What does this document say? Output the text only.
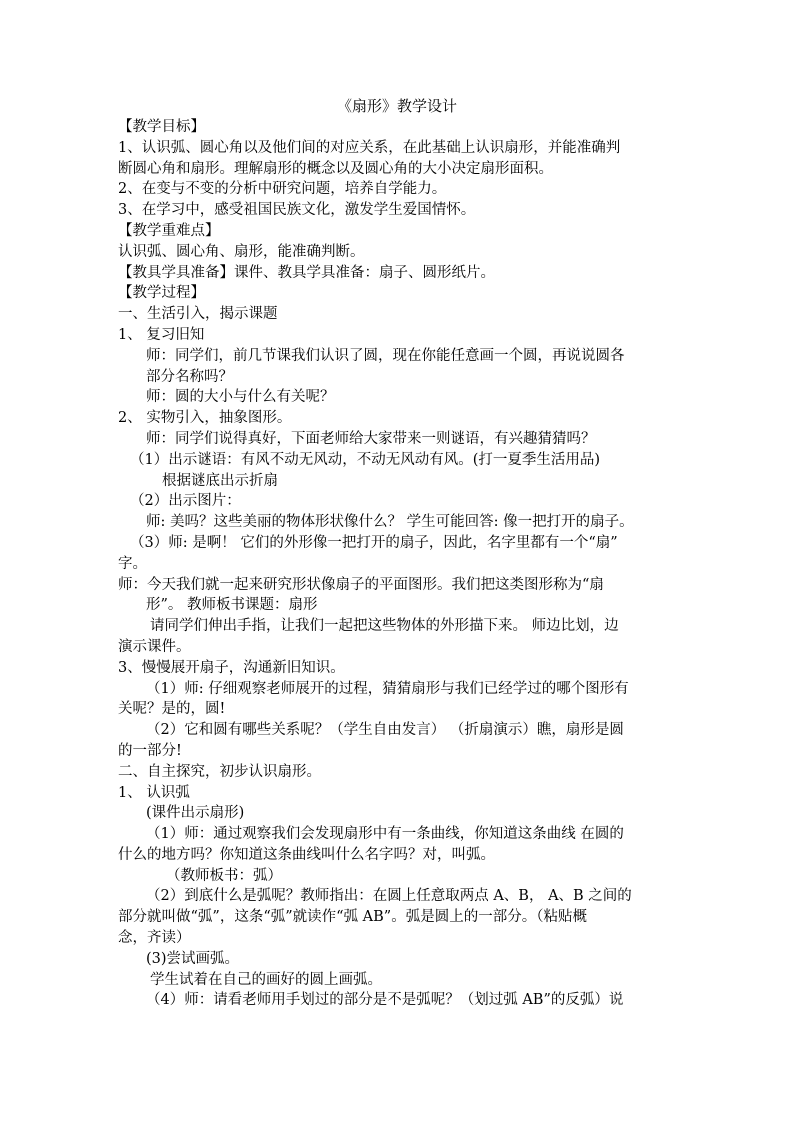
《扇形》教学设计
【教学目标】
1、认识弧、圆心角以及他们间的对应关系，在此基础上认识扇形，并能准确判
断圆心角和扇形。理解扇形的概念以及圆心角的大小决定扇形面积。
2、在变与不变的分析中研究问题，培养自学能力。
3、在学习中，感受祖国民族文化，激发学生爱国情怀。
【教学重难点】
认识弧、圆心角、扇形，能准确判断。
【教具学具准备】课件、教具学具准备：扇子、圆形纸片。
【教学过程】
一、生活引入，揭示课题
1、 复习旧知
师：同学们，前几节课我们认识了圆，现在你能任意画一个圆，再说说圆各
部分名称吗？
师：圆的大小与什么有关呢？
2、 实物引入，抽象图形。
师：同学们说得真好，下面老师给大家带来一则谜语，有兴趣猜猜吗？
（1）出示谜语：有风不动无风动，不动无风动有风。(打一夏季生活用品)
根据谜底出示折扇
（2）出示图片：
师: 美吗？这些美丽的物体形状像什么？ 学生可能回答: 像一把打开的扇子。
（3）师: 是啊！ 它们的外形像一把打开的扇子，因此，名字里都有一个“扇”
字。
师：今天我们就一起来研究形状像扇子的平面图形。我们把这类图形称为“扇
形”。 教师板书课题：扇形
请同学们伸出手指，让我们一起把这些物体的外形描下来。 师边比划，边
演示课件。
3、慢慢展开扇子，沟通新旧知识。
（1）师: 仔细观察老师展开的过程，猜猜扇形与我们已经学过的哪个图形有
关呢？是的，圆!
（2）它和圆有哪些关系呢？（学生自由发言） （折扇演示）瞧，扇形是圆
的一部分!
二、自主探究，初步认识扇形。
1、 认识弧
(课件出示扇形)
（1）师：通过观察我们会发现扇形中有一条曲线，你知道这条曲线 在圆的
什么的地方吗？你知道这条曲线叫什么名字吗？对，叫弧。
（教师板书：弧）
（2）到底什么是弧呢？教师指出：在圆上任意取两点 A、B， A、B 之间的
部分就叫做“弧”，这条“弧”就读作“弧 AB”。弧是圆上的一部分。（粘贴概
念，齐读）
(3)尝试画弧。
学生试着在自己的画好的圆上画弧。
（4）师：请看老师用手划过的部分是不是弧呢？（划过弧 AB”的反弧）说
